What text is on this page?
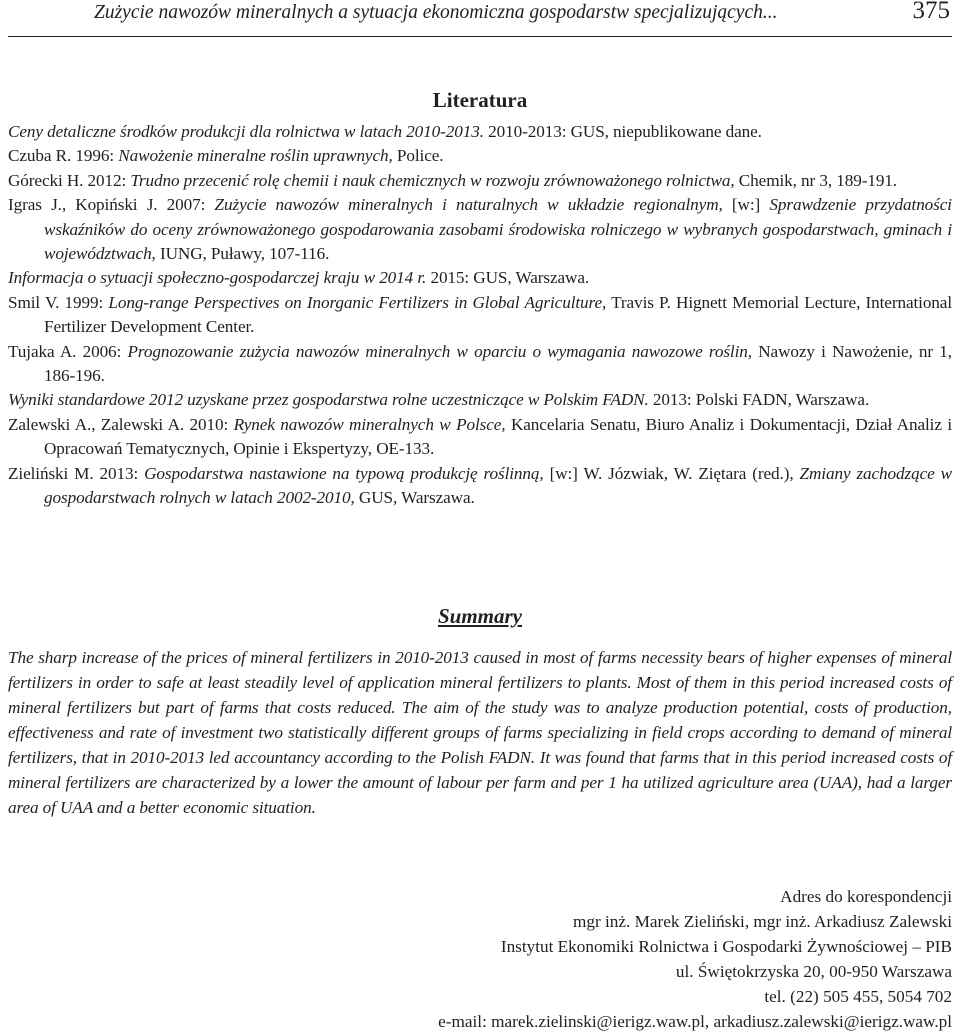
Zużycie nawozów mineralnych a sytuacja ekonomiczna gospodarstw specjalizujących...	375
Literatura

Ceny detaliczne środków produkcji dla rolnictwa w latach 2010-2013. 2010-2013: GUS, niepublikowane dane.

Czuba R. 1996: Nawożenie mineralne roślin uprawnych, Police.

Górecki H. 2012: Trudno przecenić rolę chemii i nauk chemicznych w rozwoju zrównoważonego rolnictwa, Chemik, nr 3, 189-191.

Igras J., Kopiński J. 2007: Zużycie nawozów mineralnych i naturalnych w układzie regionalnym, [w:] Sprawdzenie przydatności wskaźników do oceny zrównoważonego gospodarowania zasobami środowiska rolniczego w wybranych gospodarstwach, gminach i województwach, IUNG, Puławy, 107-116.

Informacja o sytuacji społeczno-gospodarczej kraju w 2014 r. 2015: GUS, Warszawa.

Smil V. 1999: Long-range Perspectives on Inorganic Fertilizers in Global Agriculture, Travis P. Hignett Memorial Lecture, International Fertilizer Development Center.

Tujaka A. 2006: Prognozowanie zużycia nawozów mineralnych w oparciu o wymagania nawozowe roślin, Nawozy i Nawożenie, nr 1, 186-196.

Wyniki standardowe 2012 uzyskane przez gospodarstwa rolne uczestniczące w Polskim FADN. 2013: Polski FADN, Warszawa.

Zalewski A., Zalewski A. 2010: Rynek nawozów mineralnych w Polsce, Kancelaria Senatu, Biuro Analiz i Dokumentacji, Dział Analiz i Opracowań Tematycznych, Opinie i Ekspertyzy, OE-133.

Zieliński M. 2013: Gospodarstwa nastawione na typową produkcję roślinną, [w:] W. Józwiak, W. Ziętara (red.), Zmiany zachodzące w gospodarstwach rolnych w latach 2002-2010, GUS, Warszawa.

Summary

The sharp increase of the prices of mineral fertilizers in 2010-2013 caused in most of farms necessity bears of higher expenses of mineral fertilizers in order to safe at least steadily level of application mineral fertilizers to plants. Most of them in this period increased costs of mineral fertilizers but part of farms that costs reduced. The aim of the study was to analyze production potential, costs of production, effectiveness and rate of investment two statistically different groups of farms specializing in field crops according to demand of mineral fertilizers, that in 2010-2013 led accountancy according to the Polish FADN. It was found that farms that in this period increased costs of mineral fertilizers are characterized by a lower the amount of labour per farm and per 1 ha utilized agriculture area (UAA), had a larger area of UAA and a better economic situation.

Adres do korespondencji
mgr inż. Marek Zieliński, mgr inż. Arkadiusz Zalewski
Instytut Ekonomiki Rolnictwa i Gospodarki Żywnościowej – PIB
ul. Świętokrzyska 20, 00-950 Warszawa
tel. (22) 505 455, 5054 702
e-mail: marek.zielinski@ierigz.waw.pl, arkadiusz.zalewski@ierigz.waw.pl
